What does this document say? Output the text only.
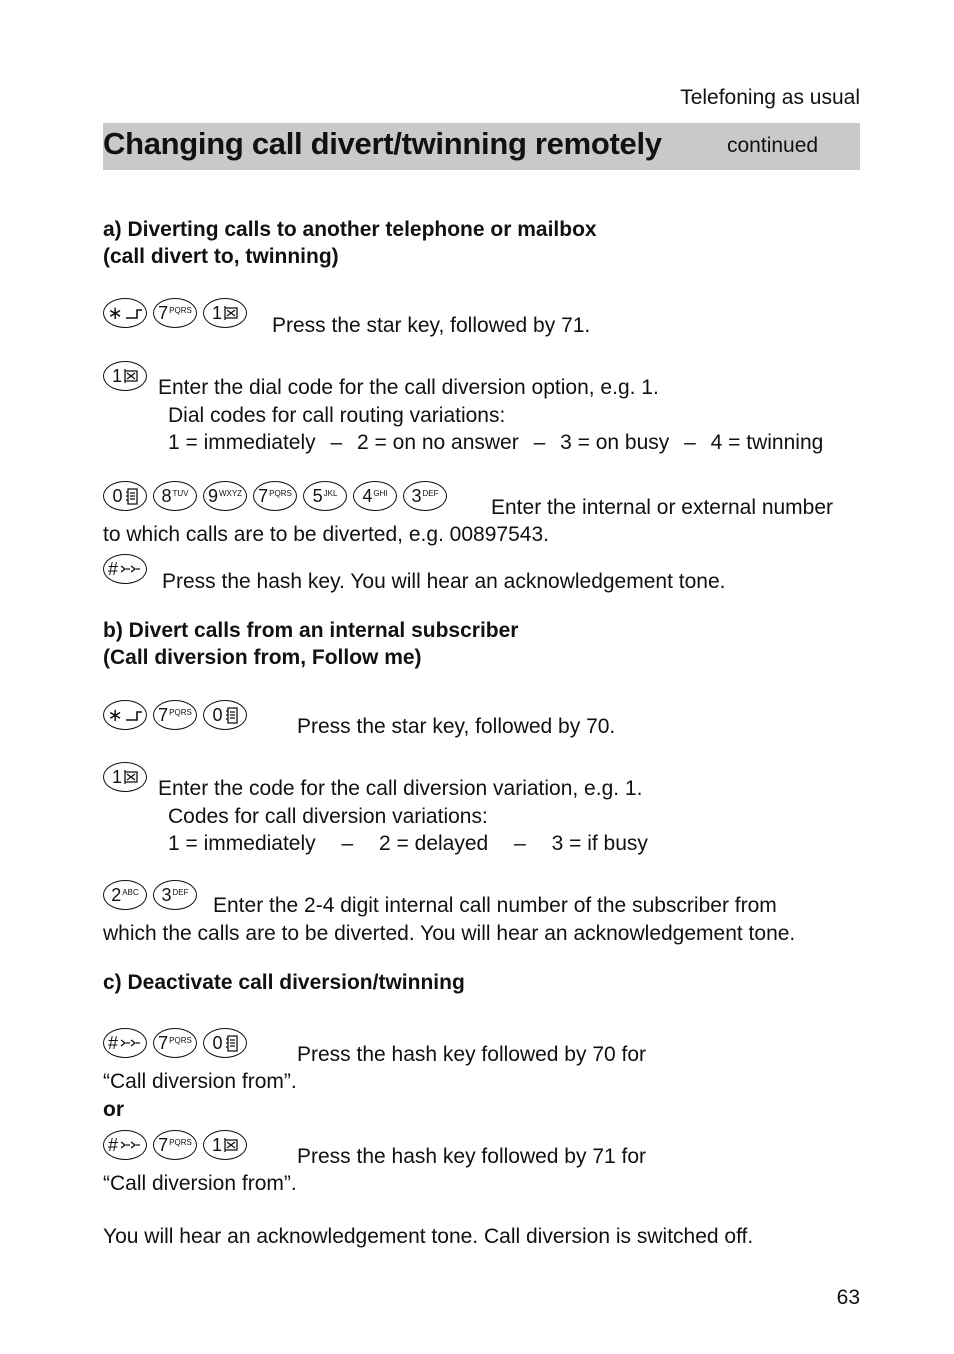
Telefoning as usual
Changing call divert/twinning remotely	continued
a) Diverting calls to another telephone or mailbox
(call divert to, twinning)
∗ 7 PQRS 1
Press the star key, followed by 71.
1 Enter the dial code for the call diversion option, e.g. 1.
Dial codes for call routing variations:
1 = immediately – 2 = on no answer – 3 = on busy – 4 = twinning
0 8 TUV 9 WXYZ 7 PQRS 5 JKL 4 GHI 3 DEF
Enter the internal or external number
to which calls are to be diverted, e.g. 00897543.
#
Press the hash key. You will hear an acknowledgement tone.
b) Divert calls from an internal subscriber
(Call diversion from, Follow me)
∗ 7 PQRS 0	Press the star key, followed by 70.
1 Enter the code for the call diversion variation, e.g. 1.
Codes for call diversion variations:
1 = immediately – 2 = delayed – 3 = if busy
2 ABC 3 DEF
Enter the 2-4 digit internal call number of the subscriber from
which the calls are to be diverted. You will hear an acknowledgement tone.
c) Deactivate call diversion/twinning
# 7 PQRS 0	Press the hash key followed by 70 for
“Call diversion from”.
or
# 7 PQRS 1	Press the hash key followed by 71 for
“Call diversion from”.
You will hear an acknowledgement tone. Call diversion is switched off.
63
